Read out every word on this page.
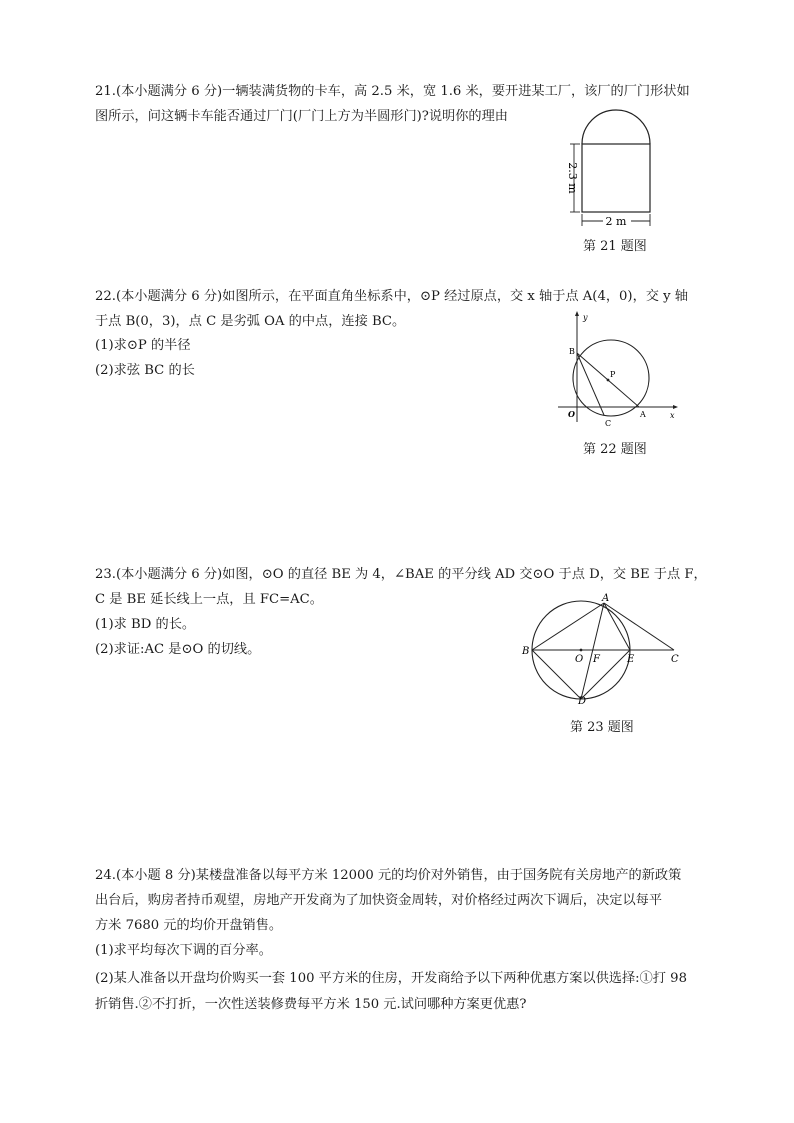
21.(本小题满分 6 分)一辆装满货物的卡车，高 2.5 米，宽 1.6 米，要开进某工厂，该厂的厂门形状如
图所示，问这辆卡车能否通过厂门(厂门上方为半圆形门)?说明你的理由
2.3 m
2 m
第 21 题图
22.(本小题满分 6 分)如图所示，在平面直角坐标系中，⊙P 经过原点，交 x 轴于点 A(4，0)，交 y 轴
于点 B(0，3)，点 C 是劣弧 OA 的中点，连接 BC。
(1)求⊙P 的半径
(2)求弦 BC 的长
y
x
B
P
O	A
C
第 22 题图
23.(本小题满分 6 分)如图，⊙O 的直径 BE 为 4，∠BAE 的平分线 AD 交⊙O 于点 D，交 BE 于点 F，
C 是 BE 延长线上一点，且 FC=AC。
(1)求 BD 的长。
(2)求证:AC 是⊙O 的切线。
A
B
O F	E	C
D
第 23 题图
24.(本小题 8 分)某楼盘准备以每平方米 12000 元的均价对外销售，由于国务院有关房地产的新政策
出台后，购房者持币观望，房地产开发商为了加快资金周转，对价格经过两次下调后，决定以每平
方米 7680 元的均价开盘销售。
(1)求平均每次下调的百分率。
(2)某人准备以开盘均价购买一套 100 平方米的住房，开发商给予以下两种优惠方案以供选择:①打 98
折销售.②不打折，一次性送装修费每平方米 150 元.试问哪种方案更优惠?
